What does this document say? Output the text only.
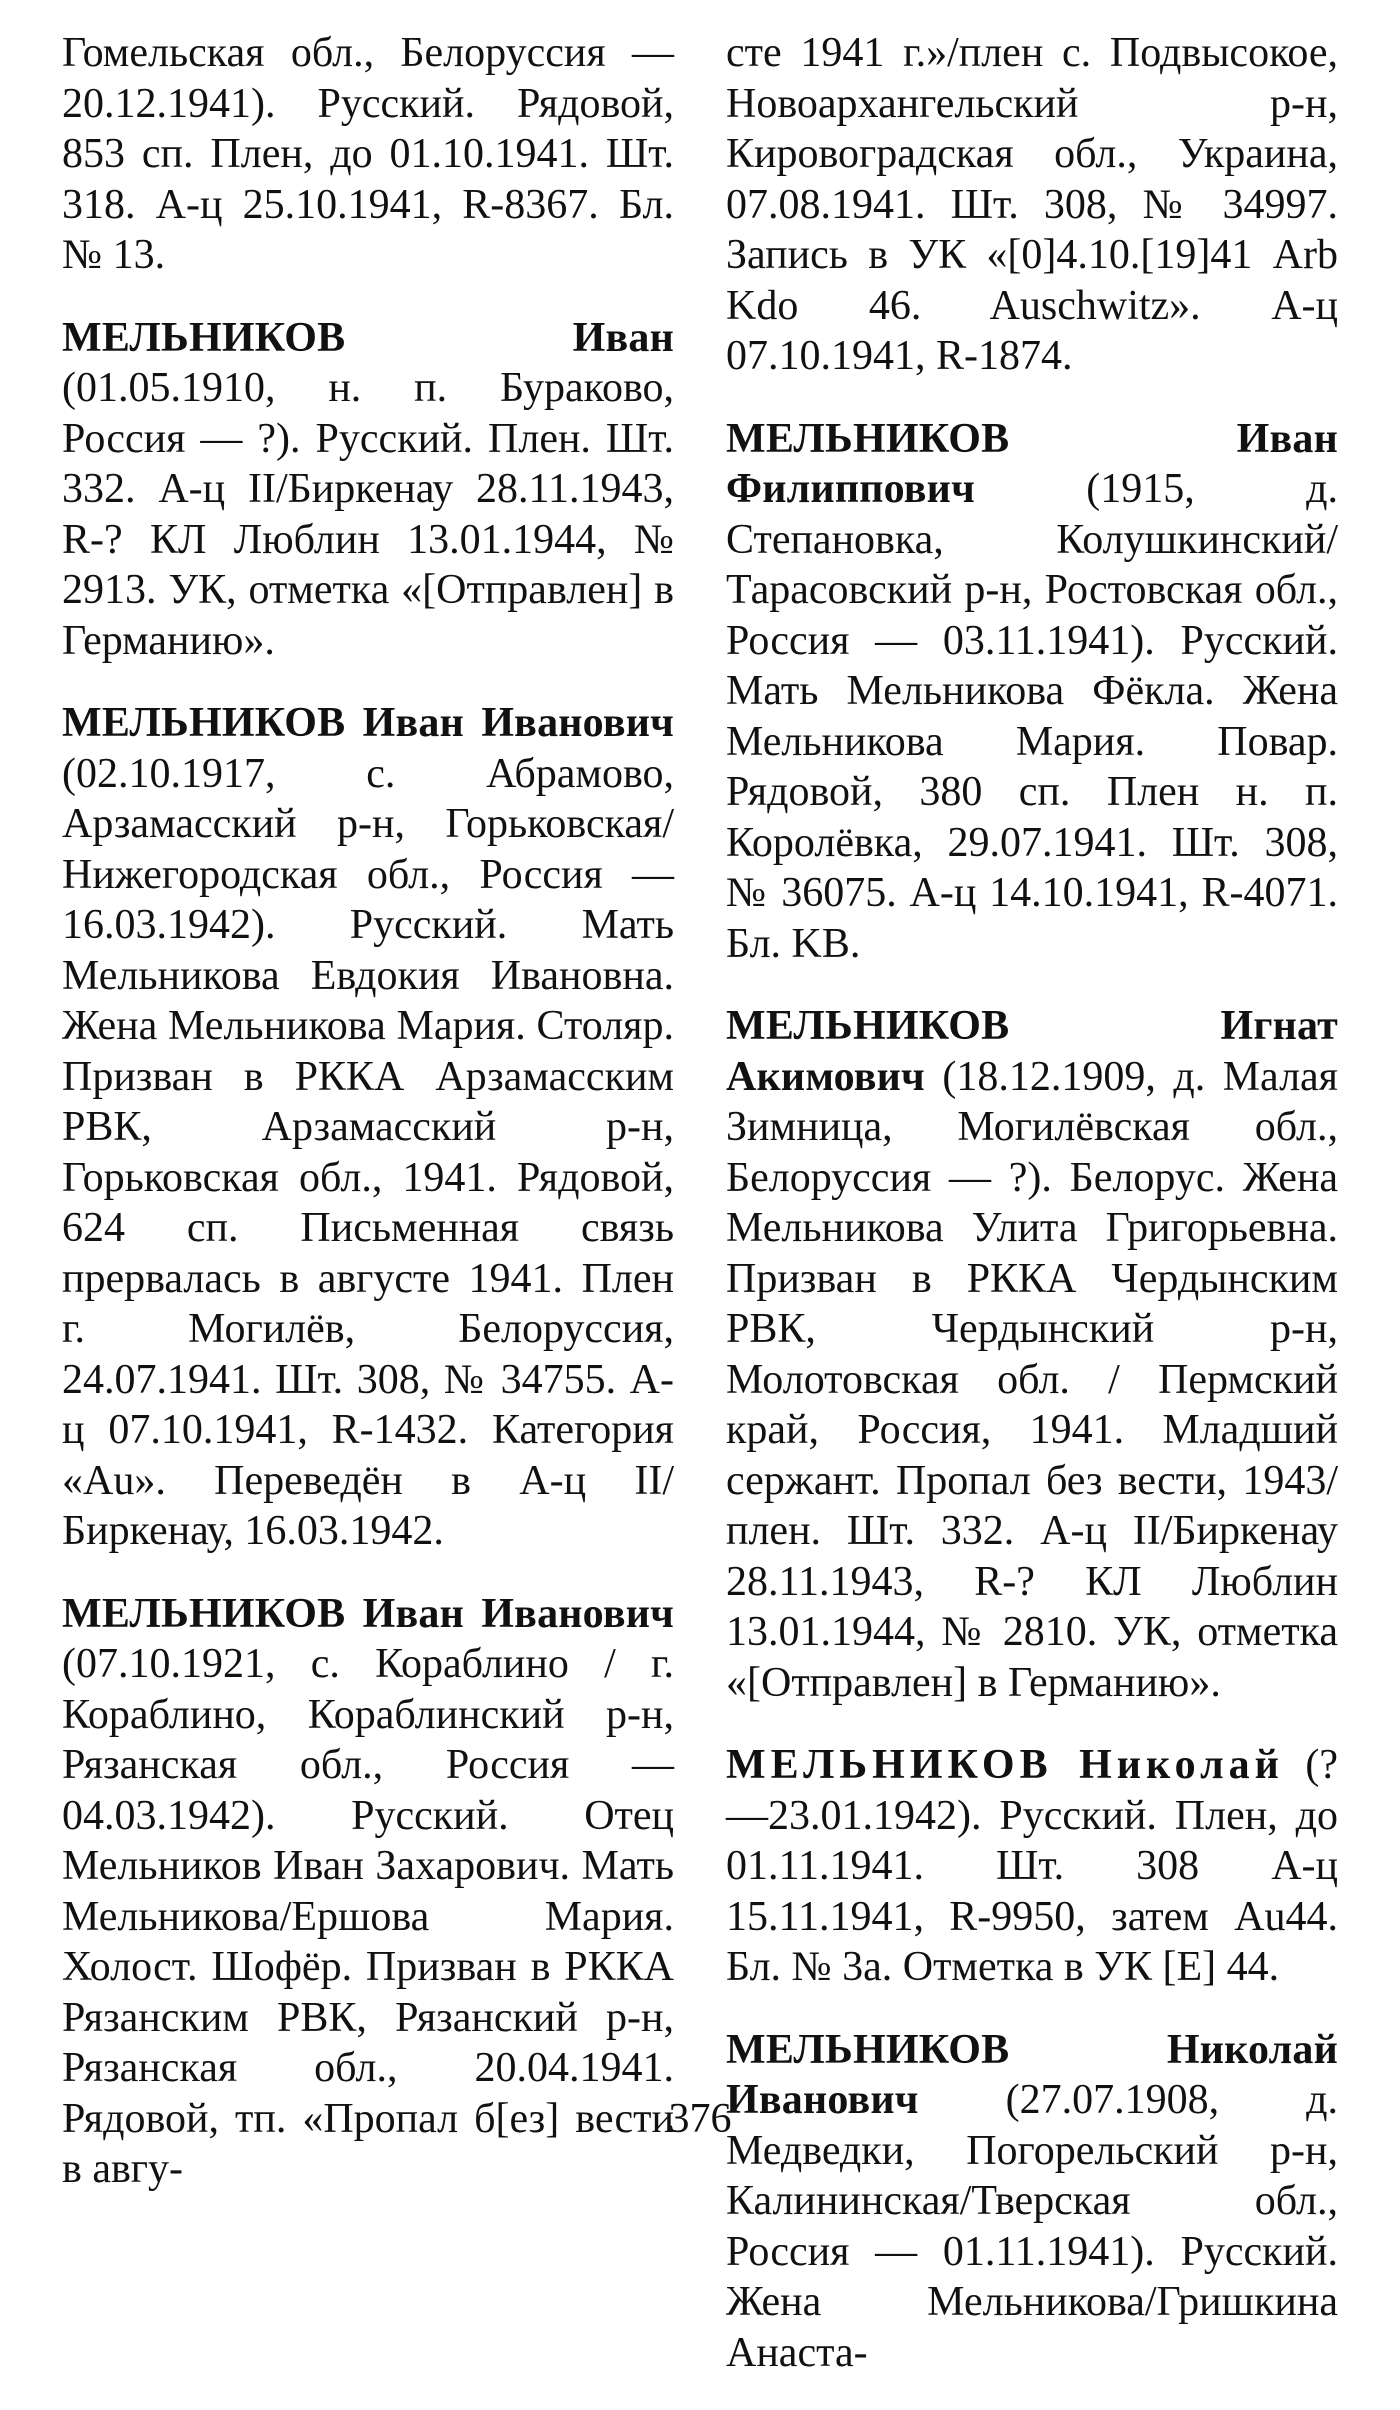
Гомельская обл., Белоруссия — 20.12.1941). Русский. Рядовой, 853 сп. Плен, до 01.10.1941. Шт. 318. А-ц 25.10.1941, R-8367. Бл. № 13.

МЕЛЬНИКОВ Иван (01.05.1910, н. п. Бураково, Россия — ?). Русский. Плен. Шт. 332. А-ц II/Биркенау 28.11.1943, R-? КЛ Люблин 13.01.1944, № 2913. УК, отметка «[Отправлен] в Германию».

МЕЛЬНИКОВ Иван Иванович (02.10.1917, с. Абрамово, Арзамасский р-н, Горьковская/ Нижегородская обл., Россия — 16.03.1942). Русский. Мать Мельникова Евдокия Ивановна. Жена Мельникова Мария. Столяр. Призван в РККА Арзамасским РВК, Арзамасский р-н, Горьковская обл., 1941. Рядовой, 624 сп. Письменная связь прервалась в августе 1941. Плен г. Могилёв, Белоруссия, 24.07.1941. Шт. 308, № 34755. А-ц 07.10.1941, R-1432. Категория «Au». Переведён в А-ц II/Биркенау, 16.03.1942.

МЕЛЬНИКОВ Иван Иванович (07.10.1921, с. Кораблино / г. Кораблино, Кораблинский р-н, Рязанская обл., Россия — 04.03.1942). Русский. Отец Мельников Иван Захарович. Мать Мельникова/Ершова Мария. Холост. Шофёр. Призван в РККА Рязанским РВК, Рязанский р-н, Рязанская обл., 20.04.1941. Рядовой, тп. «Пропал б[ез] вести в авгу-

сте 1941 г.»/плен с. Подвысокое, Новоархангельский р-н, Кировоградская обл., Украина, 07.08.1941. Шт. 308, № 34997. Запись в УК «[0]4.10.[19]41 Arb Kdo 46. Auschwitz». А-ц 07.10.1941, R-1874.

МЕЛЬНИКОВ Иван Филиппович (1915, д. Степановка, Колушкинский/Тарасовский р-н, Ростовская обл., Россия — 03.11.1941). Русский. Мать Мельникова Фёкла. Жена Мельникова Мария. Повар. Рядовой, 380 сп. Плен н. п. Королёвка, 29.07.1941. Шт. 308, № 36075. А-ц 14.10.1941, R-4071. Бл. KB.

МЕЛЬНИКОВ Игнат Акимович (18.12.1909, д. Малая Зимница, Могилёвская обл., Белоруссия — ?). Белорус. Жена Мельникова Улита Григорьевна. Призван в РККА Чердынским РВК, Чердынский р-н, Молотовская обл. / Пермский край, Россия, 1941. Младший сержант. Пропал без вести, 1943/плен. Шт. 332. А-ц II/Биркенау 28.11.1943, R-? КЛ Люблин 13.01.1944, № 2810. УК, отметка «[Отправлен] в Германию».

МЕЛЬНИКОВ Николай (?—23.01.1942). Русский. Плен, до 01.11.1941. Шт. 308 А-ц 15.11.1941, R-9950, затем Au44. Бл. № 3а. Отметка в УК [E] 44.

МЕЛЬНИКОВ Николай Иванович (27.07.1908, д. Медведки, Погорельский р-н, Калининская/Тверская обл., Россия — 01.11.1941). Русский. Жена Мельникова/Гришкина Анаста-

376
